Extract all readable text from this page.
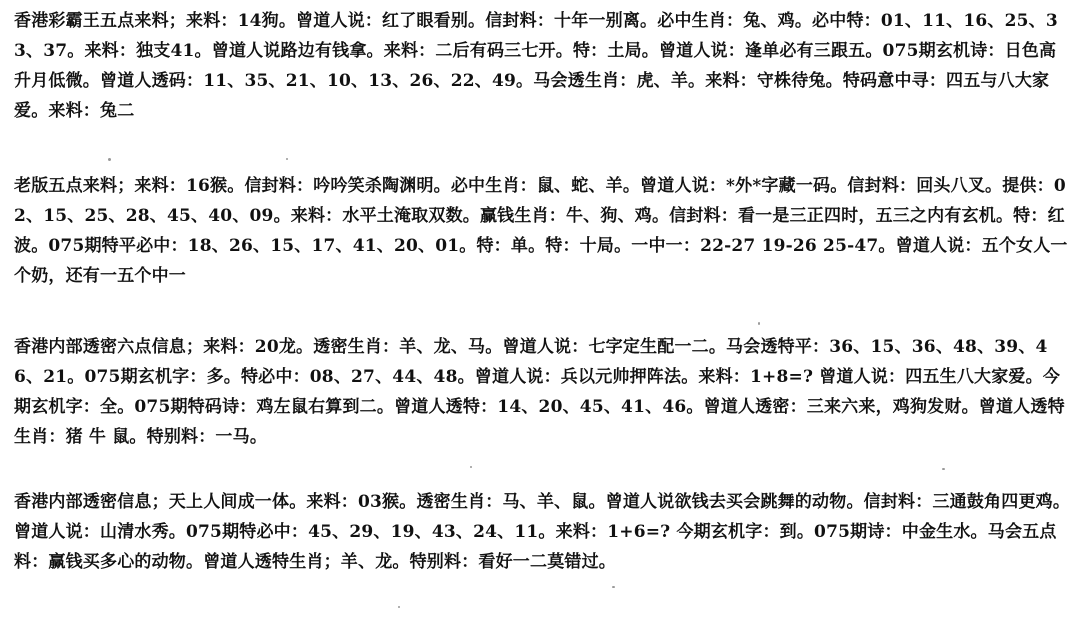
香港彩霸王五点来料；来料：14狗。曾道人说：红了眼看别。信封料：十年一别离。必中生肖：兔、鸡。必中特：01、11、16、25、33、37。来料：独支41。曾道人说路边有钱拿。来料：二后有码三七开。特：土局。曾道人说：逢单必有三跟五。075期玄机诗：日色高升月低微。曾道人透码：11、35、21、10、13、26、22、49。马会透生肖：虎、羊。来料：守株待兔。特码意中寻：四五与八大家爱。来料：兔二
老版五点来料；来料：16猴。信封料：吟吟笑杀陶渊明。必中生肖：鼠、蛇、羊。曾道人说：*外*字藏一码。信封料：回头八叉。提供：02、15、25、28、45、40、09。来料：水平土淹取双数。赢钱生肖：牛、狗、鸡。信封料：看一是三正四时，五三之内有玄机。特：红波。075期特平必中：18、26、15、17、41、20、01。特：单。特：十局。一中一：22-27 19-26 25-47。曾道人说：五个女人一个奶，还有一五个中一
香港内部透密六点信息；来料：20龙。透密生肖：羊、龙、马。曾道人说：七字定生配一二。马会透特平：36、15、36、48、39、46、21。075期玄机字：多。特必中：08、27、44、48。曾道人说：兵以元帅押阵法。来料：1+8=? 曾道人说：四五生八大家爱。今期玄机字：全。075期特码诗：鸡左鼠右算到二。曾道人透特：14、20、45、41、46。曾道人透密：三来六来，鸡狗发财。曾道人透特生肖：猪 牛 鼠。特别料：一马。
香港内部透密信息；天上人间成一体。来料：03猴。透密生肖：马、羊、鼠。曾道人说欲钱去买会跳舞的动物。信封料：三通鼓角四更鸡。曾道人说：山清水秀。075期特必中：45、29、19、43、24、11。来料：1+6=? 今期玄机字：到。075期诗：中金生水。马会五点料：赢钱买多心的动物。曾道人透特生肖；羊、龙。特别料：看好一二莫错过。
